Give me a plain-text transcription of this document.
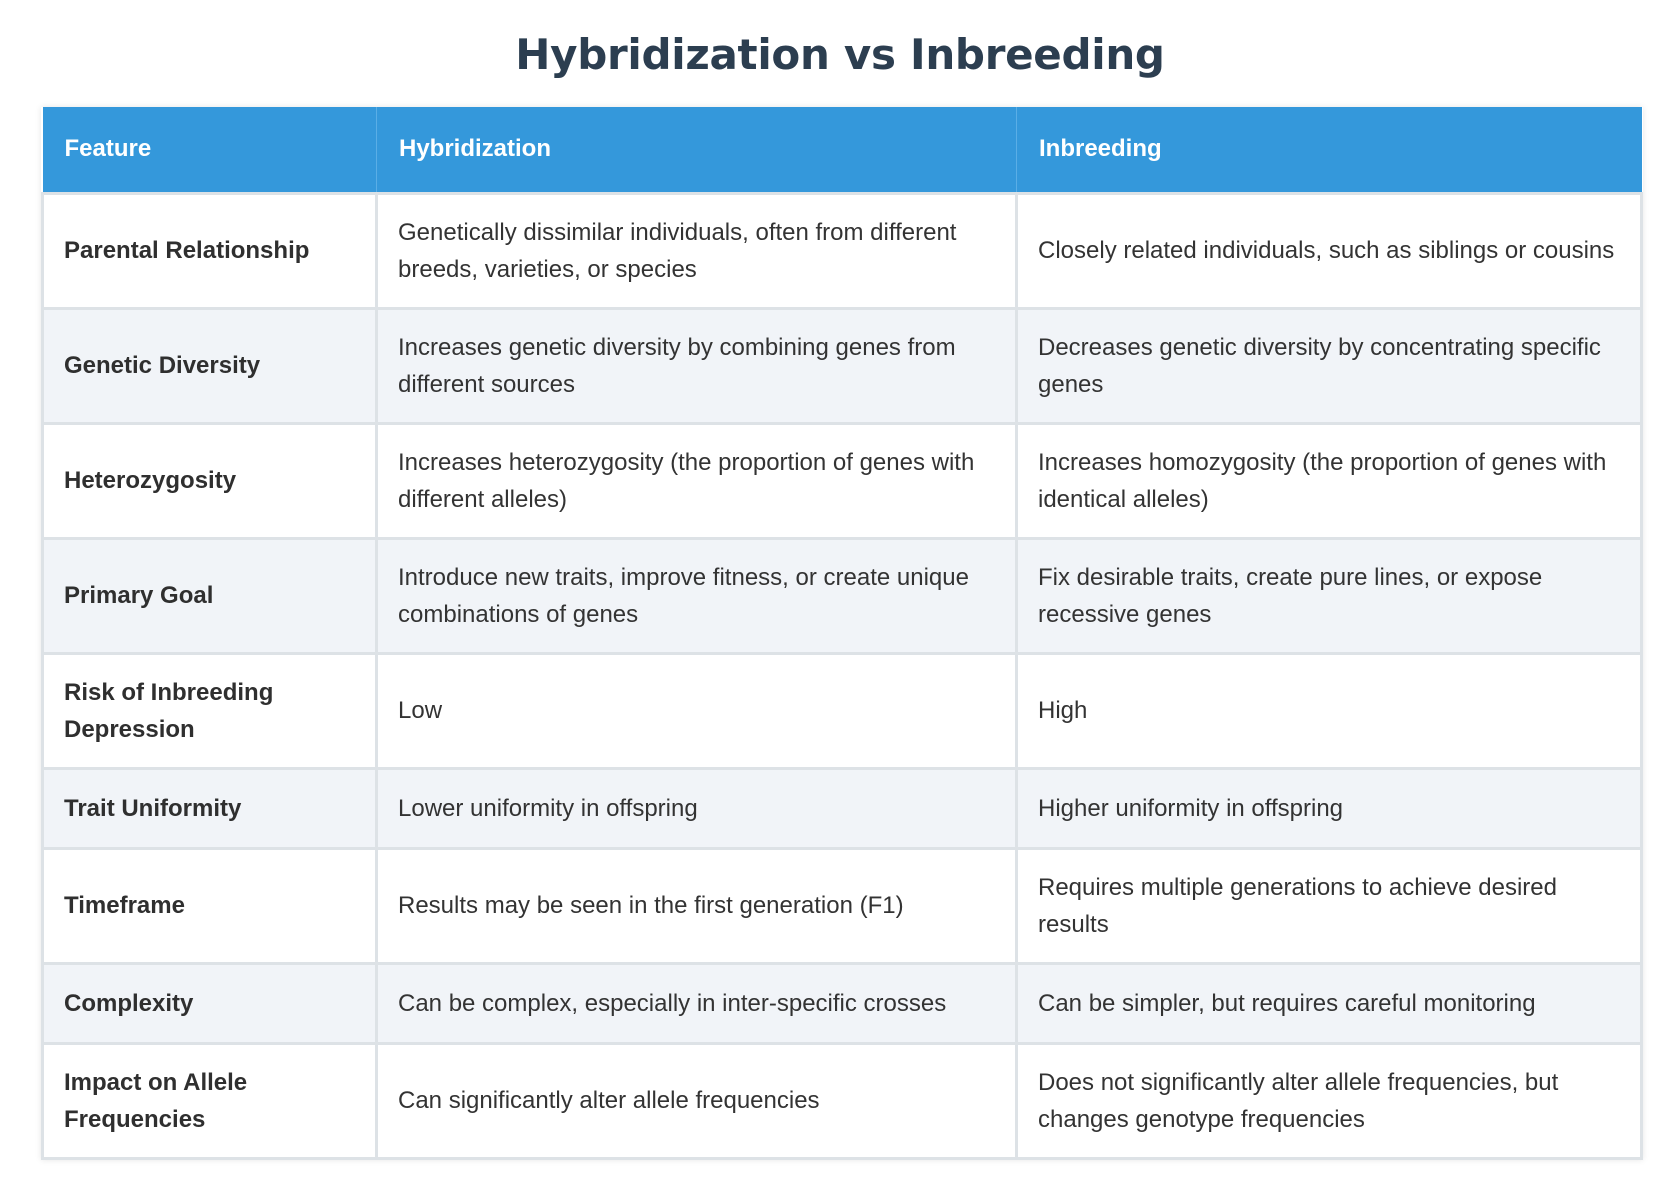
Hybridization vs Inbreeding
Feature	Hybridization	Inbreeding
Parental Relationship	Genetically dissimilar individuals, often from different breeds, varieties, or species	Closely related individuals, such as siblings or cousins
Genetic Diversity	Increases genetic diversity by combining genes from different sources	Decreases genetic diversity by concentrating specific genes
Heterozygosity	Increases heterozygosity (the proportion of genes with different alleles)	Increases homozygosity (the proportion of genes with identical alleles)
Primary Goal	Introduce new traits, improve fitness, or create unique combinations of genes	Fix desirable traits, create pure lines, or expose recessive genes
Risk of Inbreeding Depression	Low	High
Trait Uniformity	Lower uniformity in offspring	Higher uniformity in offspring
Timeframe	Results may be seen in the first generation (F1)	Requires multiple generations to achieve desired results
Complexity	Can be complex, especially in inter-specific crosses	Can be simpler, but requires careful monitoring
Impact on Allele Frequencies	Can significantly alter allele frequencies	Does not significantly alter allele frequencies, but changes genotype frequencies
